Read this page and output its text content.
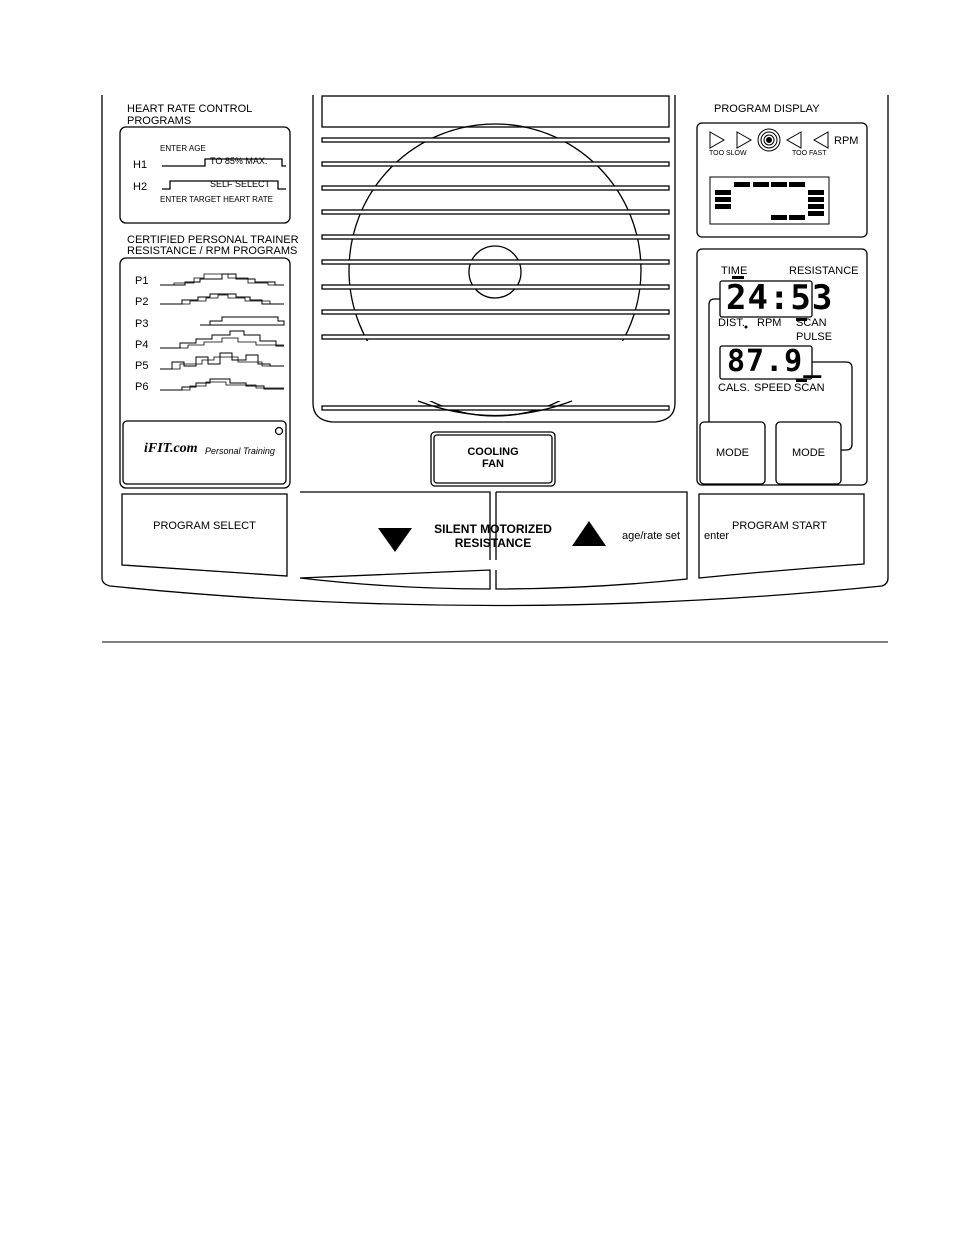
HEART RATE CONTROL
PROGRAMS
ENTER AGE
H1	TO 85% MAX.
H2	SELF SELECT
ENTER TARGET HEART RATE
CERTIFIED PERSONAL TRAINER
RESISTANCE / RPM PROGRAMS
P1
P2
P3
P4
P5
P6
iFIT.com Personal Training
PROGRAM SELECT
COOLING
FAN
SILENT MOTORIZED
RESISTANCE	age/rate set
PROGRAM DISPLAY
RPM
TOO SLOW	TOO FAST
TIME	RESISTANCE
24:53
DIST. RPM SCAN
PULSE
87.9_
CALS. SPEED SCAN
MODE	MODE
enter
PROGRAM START
